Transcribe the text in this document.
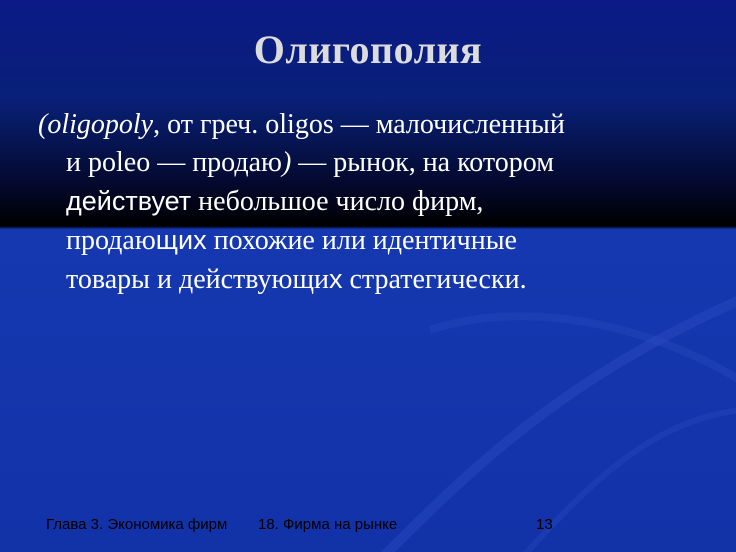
Олигополия
(oligopoly, от греч. oligos — малочисленный
и poleo — продаю) — рынок, на котором
действует небольшое число фирм,
продающих похожие или идентичные
товары и действующих стратегически.
Глава 3. Экономика фирм 18. Фирма на рынке	13
